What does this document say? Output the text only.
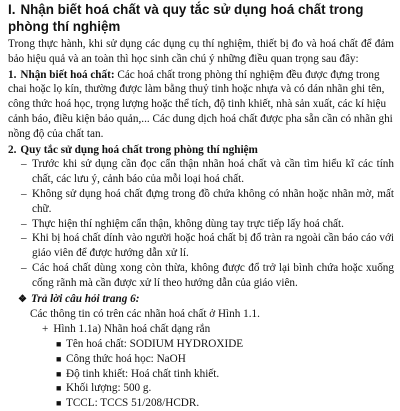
I. Nhận biết hoá chất và quy tắc sử dụng hoá chất trong phòng thí nghiệm

Trong thực hành, khi sử dụng các dụng cụ thí nghiệm, thiết bị đo và hoá chất để đảm bảo hiệu quả và an toàn thì học sinh cần chú ý những điều quan trọng sau đây:

1. Nhận biết hoá chất: Các hoá chất trong phòng thí nghiệm đều được đựng trong chai hoặc lọ kín, thường được làm bằng thuỷ tinh hoặc nhựa và có dán nhãn ghi tên, công thức hoá học, trọng lượng hoặc thể tích, độ tinh khiết, nhà sản xuất, các kí hiệu cảnh báo, điều kiện bảo quản,... Các dung dịch hoá chất được pha sẵn cần có nhãn ghi nồng độ của chất tan.
2. Quy tắc sử dụng hoá chất trong phòng thí nghiệm
– Trước khi sử dụng cần đọc cẩn thận nhãn hoá chất và cần tìm hiểu kĩ các tính chất, các lưu ý, cảnh báo của mỗi loại hoá chất.
– Không sử dụng hoá chất đựng trong đồ chứa không có nhãn hoặc nhãn mờ, mất chữ.
– Thực hiện thí nghiệm cẩn thận, không dùng tay trực tiếp lấy hoá chất.
– Khi bị hoá chất dính vào người hoặc hoá chất bị đổ tràn ra ngoài cần báo cáo với giáo viên để được hướng dẫn xử lí.
– Các hoá chất dùng xong còn thừa, không được đổ trở lại bình chứa hoặc xuống cống rãnh mà cần được xử lí theo hướng dẫn của giáo viên.
❖ Trả lời câu hỏi trang 6:

Các thông tin có trên các nhãn hoá chất ở Hình 1.1.

+ Hình 1.1a) Nhãn hoá chất dạng rắn
■ Tên hoá chất: SODIUM HYDROXIDE
■ Công thức hoá học: NaOH
■ Độ tinh khiết: Hoá chất tinh khiết.
■ Khối lượng: 500 g.
■ TCCL: TCCS 51/208/HCDR.
